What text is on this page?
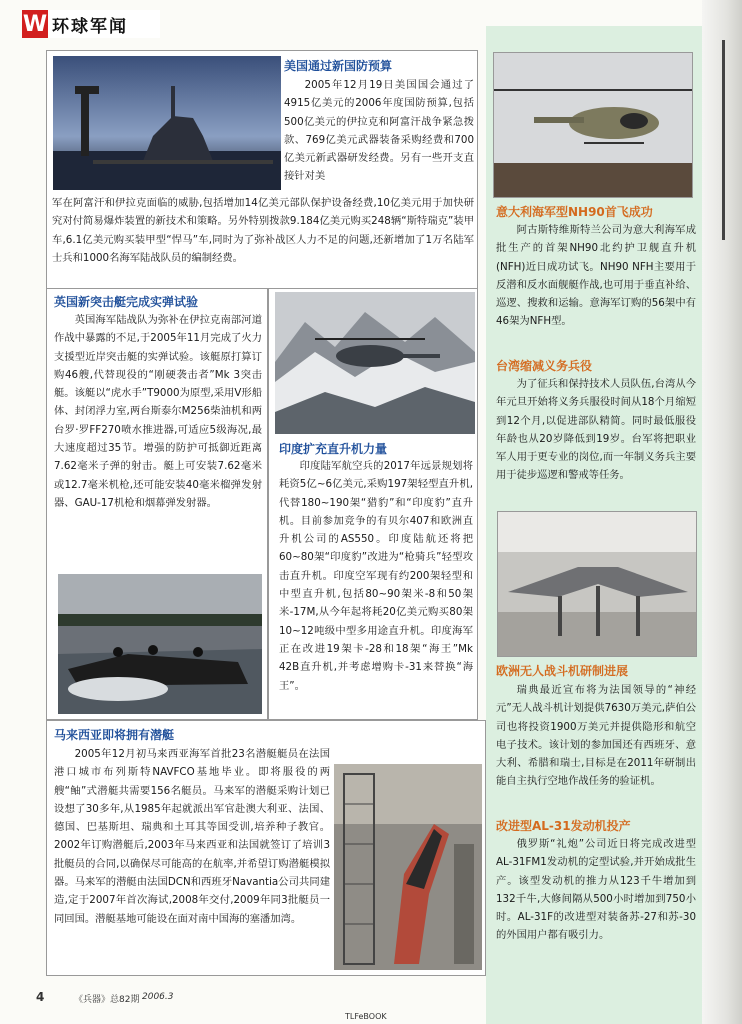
W 环球军闻
美国通过新国防预算

2005年12月19日美国国会通过了4915亿美元的2006年度国防预算,包括500亿美元的伊拉克和阿富汗战争紧急拨款、769亿美元武器装备采购经费和700亿美元新武器研发经费。另有一些开支直接针对美

军在阿富汗和伊拉克面临的威胁,包括增加14亿美元部队保护设备经费,10亿美元用于加快研究对付简易爆炸装置的新技术和策略。另外特别拨款9.184亿美元购买248辆“斯特瑞克”装甲车,6.1亿美元购买装甲型“悍马”车,同时为了弥补战区人力不足的问题,还新增加了1万名陆军士兵和1000名海军陆战队员的编制经费。

英国新突击艇完成实弹试验

英国海军陆战队为弥补在伊拉克南部河道作战中暴露的不足,于2005年11月完成了火力支援型近岸突击艇的实弹试验。该艇原打算订购46艘,代替现役的“刚硬袭击者”Mk 3突击艇。该艇以“虎水手”T9000为原型,采用V形船体、封闭浮力室,两台斯泰尔M256柴油机和两台罗·罗FF270喷水推进器,可适应5级海况,最大速度超过35节。增强的防护可抵御近距离7.62毫米子弹的射击。艇上可安装7.62毫米或12.7毫米机枪,还可能安装40毫米榴弹发射器、GAU-17机枪和烟幕弹发射器。

印度扩充直升机力量

印度陆军航空兵的2017年远景规划将耗资5亿~6亿美元,采购197架轻型直升机,代替180~190架“猎豹”和“印度豹”直升机。目前参加竞争的有贝尔407和欧洲直升机公司的AS550。印度陆航还将把60~80架“印度豹”改进为“枪骑兵”轻型攻击直升机。印度空军现有约200架轻型和中型直升机,包括80~90架米-8和50架米-17M,从今年起将耗20亿美元购买80架10~12吨级中型多用途直升机。印度海军正在改进19架卡-28和18架“海王”Mk 42B直升机,并考虑增购卡-31来替换“海王”。

马来西亚即将拥有潜艇

2005年12月初马来西亚海军首批23名潜艇艇员在法国港口城市布列斯特NAVFCO基地毕业。即将服役的两艘“鲉”式潜艇共需要156名艇员。马来军的潜艇采购计划已设想了30多年,从1985年起就派出军官赴澳大利亚、法国、德国、巴基斯坦、瑞典和土耳其等国受训,培养种子教官。2002年订购潜艇后,2003年马来西亚和法国就签订了培训3批艇员的合同,以确保尽可能高的在航率,并希望订购潜艇模拟器。马来军的潜艇由法国DCN和西班牙Navantia公司共同建造,定于2007年首次海试,2008年交付,2009年同3批艇员一同回国。潜艇基地可能设在面对南中国海的塞潘加湾。

意大利海军型NH90首飞成功

阿古斯特维斯特兰公司为意大利海军成批生产的首架NH90北约护卫舰直升机(NFH)近日成功试飞。NH90 NFH主要用于反潜和反水面舰艇作战,也可用于垂直补给、巡逻、搜救和运输。意海军订购的56架中有46架为NFH型。

台湾缩减义务兵役

为了征兵和保持技术人员队伍,台湾从今年元旦开始将义务兵服役时间从18个月缩短到12个月,以促进部队精简。同时最低服役年龄也从20岁降低到19岁。台军将把职业军人用于更专业的岗位,而一年制义务兵主要用于徒步巡逻和警戒等任务。

欧洲无人战斗机研制进展

瑞典最近宣布将为法国领导的“神经元”无人战斗机计划提供7630万美元,萨伯公司也将投资1900万美元并提供隐形和航空电子技术。该计划的参加国还有西班牙、意大利、希腊和瑞士,目标是在2011年研制出能自主执行空地作战任务的验证机。

改进型AL-31发动机投产

俄罗斯“礼炮”公司近日将完成改进型AL-31FM1发动机的定型试验,并开始成批生产。该型发动机的推力从123千牛增加到132千牛,大修间隔从500小时增加到750小时。AL-31F的改进型对装备苏-27和苏-30的外国用户都有吸引力。

4	《兵器》总82期 2006.3
TLFeBOOK
